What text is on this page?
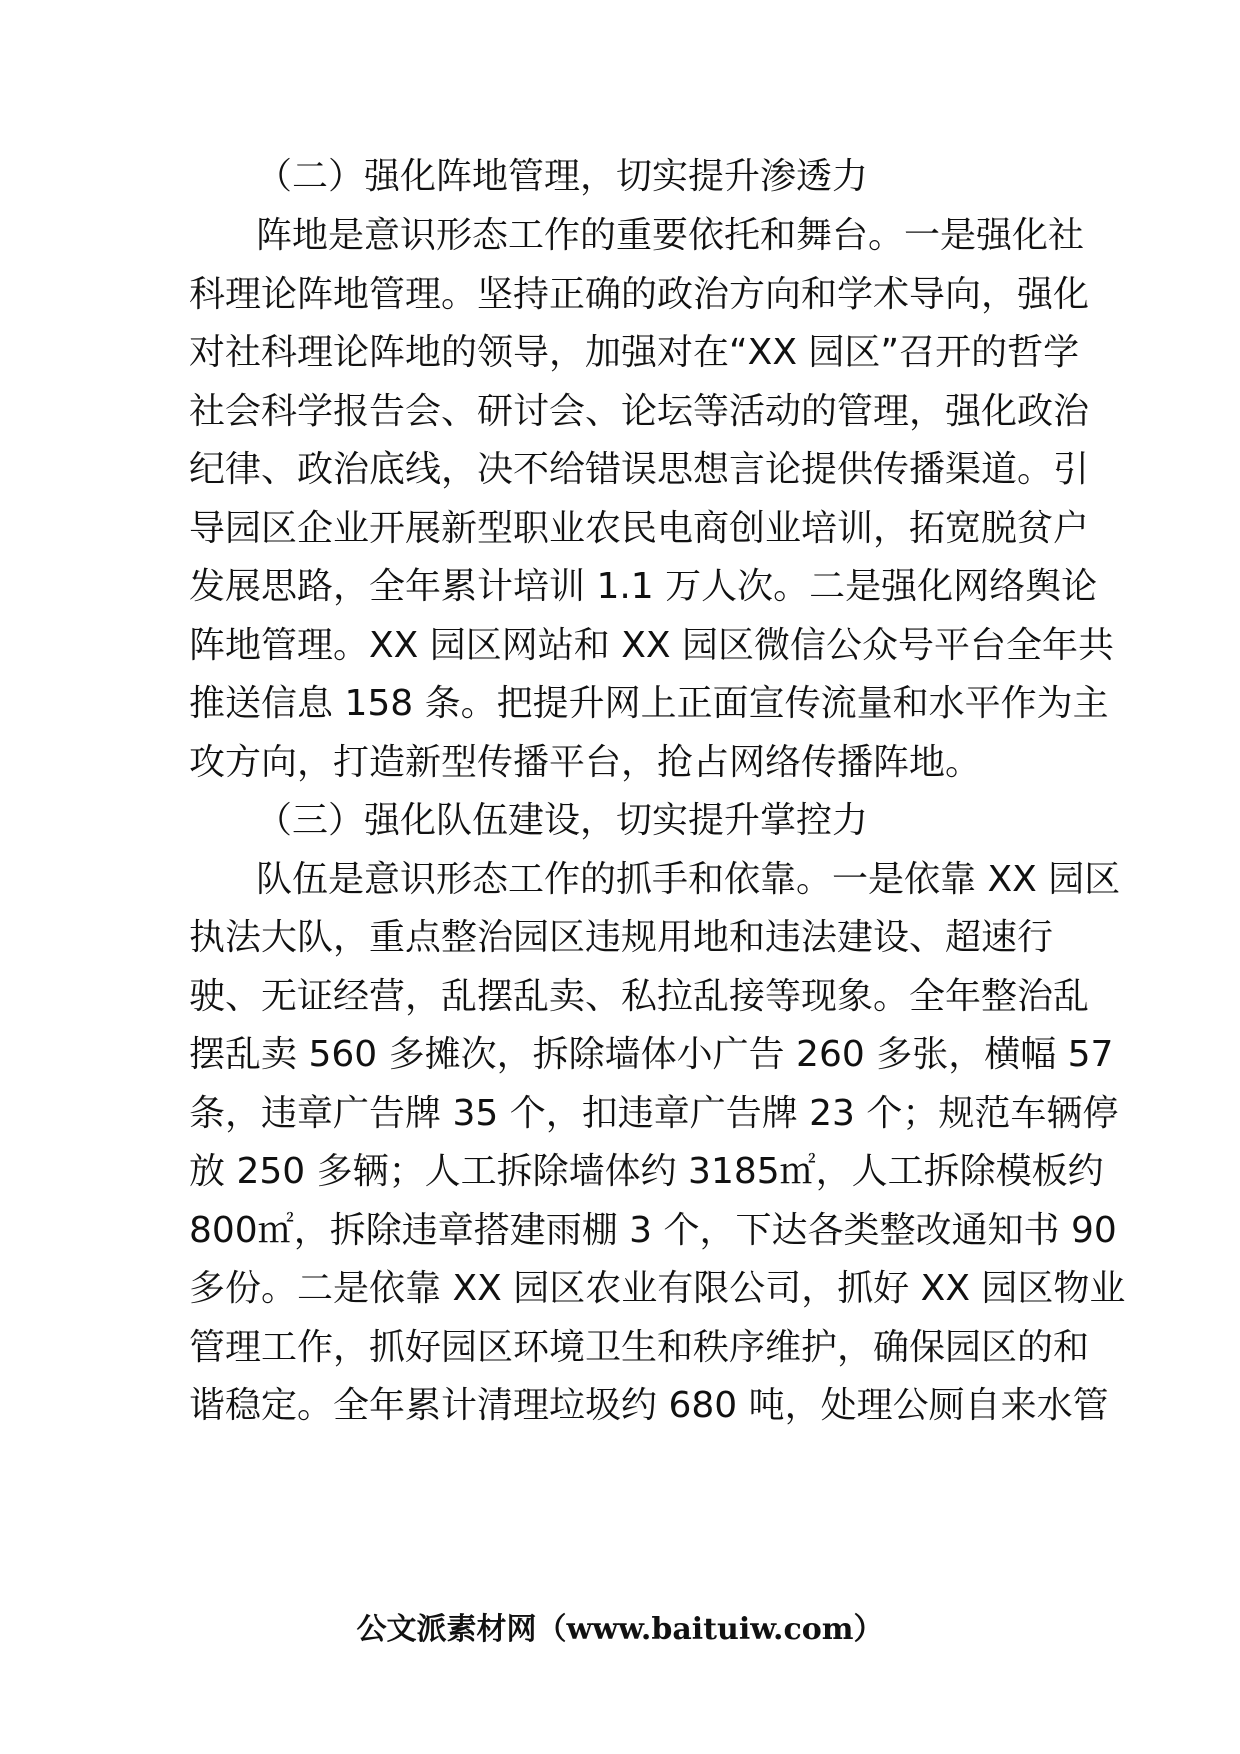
（二）强化阵地管理，切实提升渗透力
阵地是意识形态工作的重要依托和舞台。一是强化社
科理论阵地管理。坚持正确的政治方向和学术导向，强化
对社科理论阵地的领导，加强对在“XX 园区”召开的哲学
社会科学报告会、研讨会、论坛等活动的管理，强化政治
纪律、政治底线，决不给错误思想言论提供传播渠道。引
导园区企业开展新型职业农民电商创业培训，拓宽脱贫户
发展思路，全年累计培训 1.1 万人次。二是强化网络舆论
阵地管理。XX 园区网站和 XX 园区微信公众号平台全年共
推送信息 158 条。把提升网上正面宣传流量和水平作为主
攻方向，打造新型传播平台，抢占网络传播阵地。
（三）强化队伍建设，切实提升掌控力
队伍是意识形态工作的抓手和依靠。一是依靠 XX 园区
执法大队，重点整治园区违规用地和违法建设、超速行
驶、无证经营，乱摆乱卖、私拉乱接等现象。全年整治乱
摆乱卖 560 多摊次，拆除墙体小广告 260 多张，横幅 57
条，违章广告牌 35 个，扣违章广告牌 23 个；规范车辆停
放 250 多辆；人工拆除墙体约 3185㎡，人工拆除模板约
800㎡，拆除违章搭建雨棚 3 个，下达各类整改通知书 90
多份。二是依靠 XX 园区农业有限公司，抓好 XX 园区物业
管理工作，抓好园区环境卫生和秩序维护，确保园区的和
谐稳定。全年累计清理垃圾约 680 吨，处理公厕自来水管
公文派素材网（www.baituiw.com）
